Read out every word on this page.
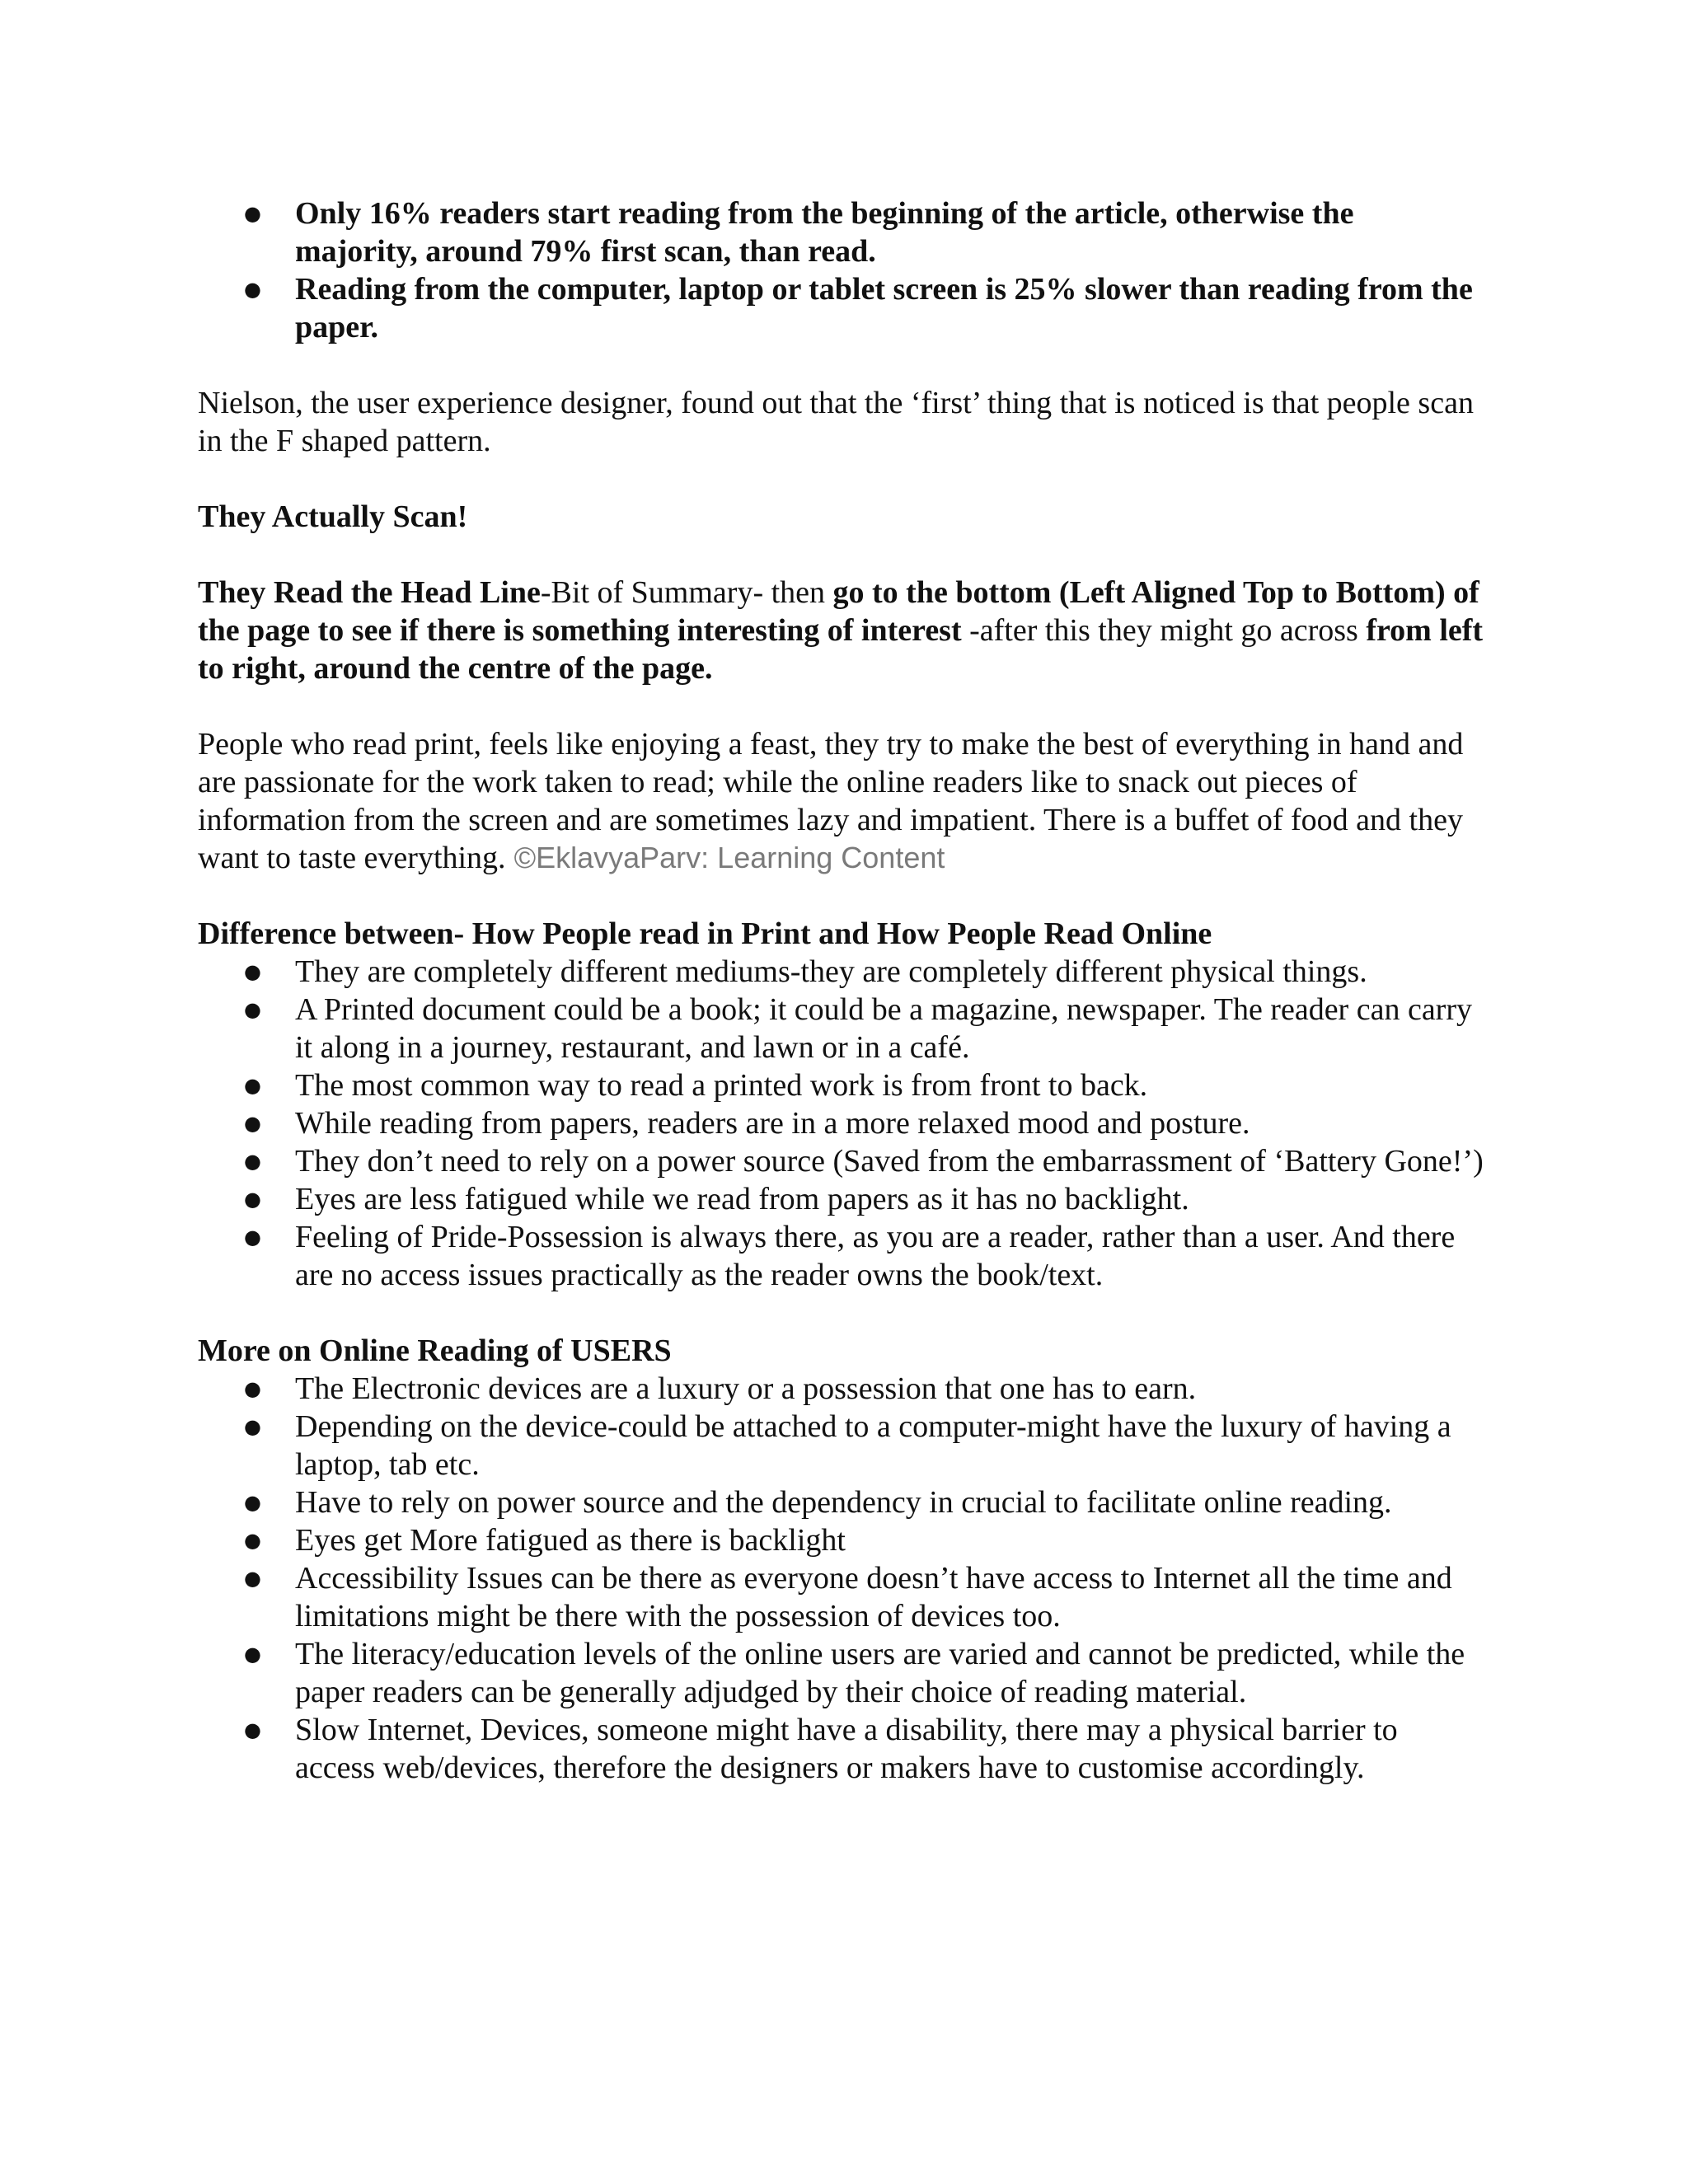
● Only 16% readers start reading from the beginning of the article, otherwise the majority, around 79% first scan, than read.
● Reading from the computer, laptop or tablet screen is 25% slower than reading from the paper.

Nielson, the user experience designer, found out that the ‘first’ thing that is noticed is that people scan in the F shaped pattern.

They Actually Scan!

They Read the Head Line-Bit of Summary- then go to the bottom (Left Aligned Top to Bottom) of the page to see if there is something interesting of interest -after this they might go across from left to right, around the centre of the page.

People who read print, feels like enjoying a feast, they try to make the best of everything in hand and are passionate for the work taken to read; while the online readers like to snack out pieces of information from the screen and are sometimes lazy and impatient. There is a buffet of food and they want to taste everything. ©EklavyaParv: Learning Content

Difference between- How People read in Print and How People Read Online
● They are completely different mediums-they are completely different physical things.
● A Printed document could be a book; it could be a magazine, newspaper. The reader can carry it along in a journey, restaurant, and lawn or in a café.
● The most common way to read a printed work is from front to back.
● While reading from papers, readers are in a more relaxed mood and posture.
● They don’t need to rely on a power source (Saved from the embarrassment of ‘Battery Gone!’)
● Eyes are less fatigued while we read from papers as it has no backlight.
● Feeling of Pride-Possession is always there, as you are a reader, rather than a user. And there are no access issues practically as the reader owns the book/text.
More on Online Reading of USERS
● The Electronic devices are a luxury or a possession that one has to earn.
● Depending on the device-could be attached to a computer-might have the luxury of having a laptop, tab etc.
● Have to rely on power source and the dependency in crucial to facilitate online reading.
● Eyes get More fatigued as there is backlight
● Accessibility Issues can be there as everyone doesn’t have access to Internet all the time and limitations might be there with the possession of devices too.
● The literacy/education levels of the online users are varied and cannot be predicted, while the paper readers can be generally adjudged by their choice of reading material.
● Slow Internet, Devices, someone might have a disability, there may a physical barrier to access web/devices, therefore the designers or makers have to customise accordingly.
